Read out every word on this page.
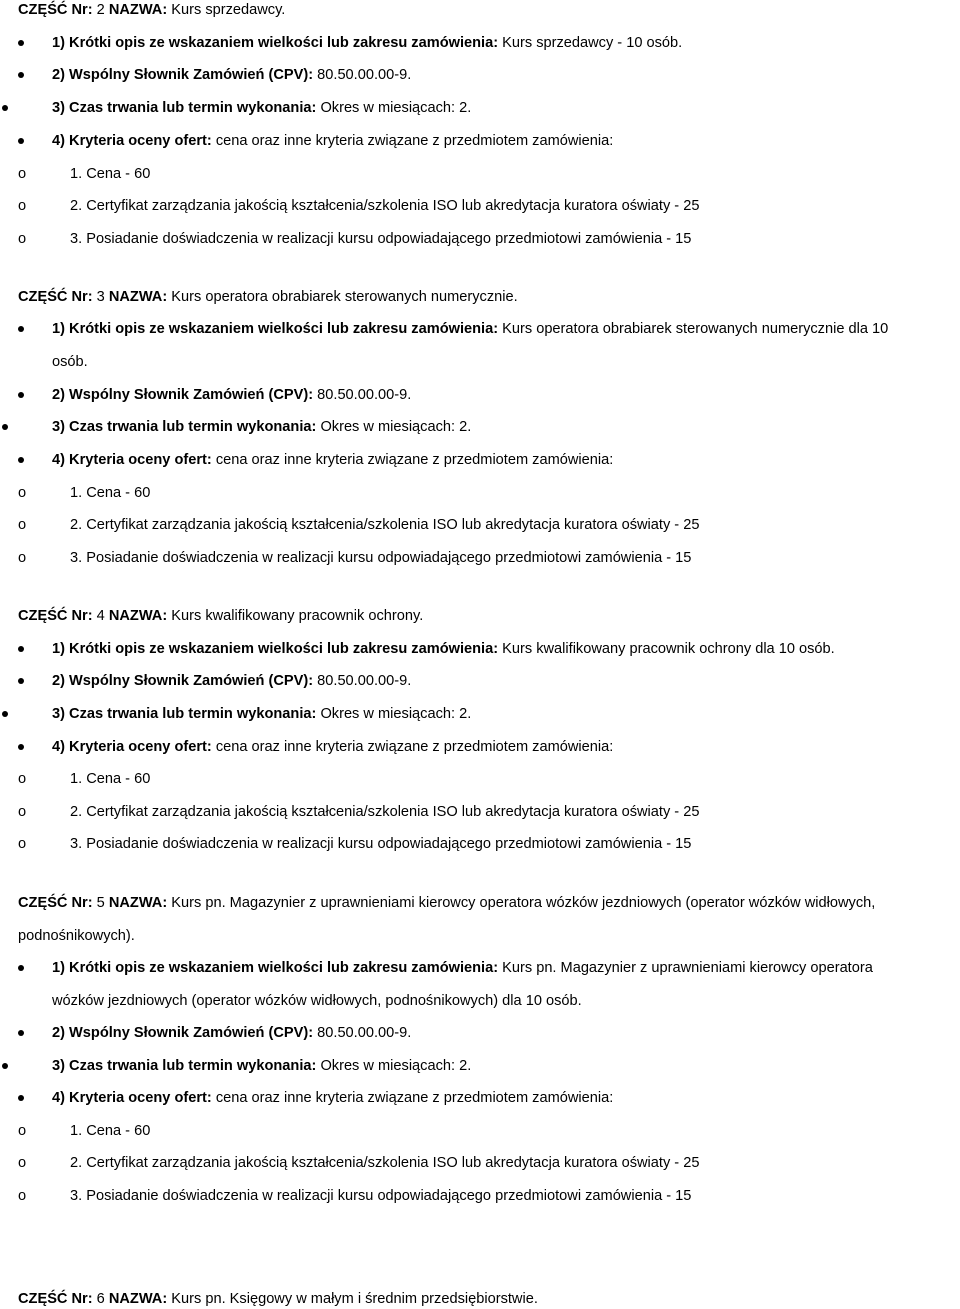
CZĘŚĆ Nr: 2 NAZWA: Kurs sprzedawcy.
1) Krótki opis ze wskazaniem wielkości lub zakresu zamówienia: Kurs sprzedawcy - 10 osób.
2) Wspólny Słownik Zamówień (CPV): 80.50.00.00-9.
3) Czas trwania lub termin wykonania: Okres w miesiącach: 2.
4) Kryteria oceny ofert: cena oraz inne kryteria związane z przedmiotem zamówienia:
o	1. Cena - 60
o	2. Certyfikat zarządzania jakością kształcenia/szkolenia ISO lub akredytacja kuratora oświaty - 25
o	3. Posiadanie doświadczenia w realizacji kursu odpowiadającego przedmiotowi zamówienia - 15
CZĘŚĆ Nr: 3 NAZWA: Kurs operatora obrabiarek sterowanych numerycznie.
1) Krótki opis ze wskazaniem wielkości lub zakresu zamówienia: Kurs operatora obrabiarek sterowanych numerycznie dla 10
osób.
2) Wspólny Słownik Zamówień (CPV): 80.50.00.00-9.
3) Czas trwania lub termin wykonania: Okres w miesiącach: 2.
4) Kryteria oceny ofert: cena oraz inne kryteria związane z przedmiotem zamówienia:
o	1. Cena - 60
o	2. Certyfikat zarządzania jakością kształcenia/szkolenia ISO lub akredytacja kuratora oświaty - 25
o	3. Posiadanie doświadczenia w realizacji kursu odpowiadającego przedmiotowi zamówienia - 15
CZĘŚĆ Nr: 4 NAZWA: Kurs kwalifikowany pracownik ochrony.
1) Krótki opis ze wskazaniem wielkości lub zakresu zamówienia: Kurs kwalifikowany pracownik ochrony dla 10 osób.
2) Wspólny Słownik Zamówień (CPV): 80.50.00.00-9.
3) Czas trwania lub termin wykonania: Okres w miesiącach: 2.
4) Kryteria oceny ofert: cena oraz inne kryteria związane z przedmiotem zamówienia:
o	1. Cena - 60
o	2. Certyfikat zarządzania jakością kształcenia/szkolenia ISO lub akredytacja kuratora oświaty - 25
o	3. Posiadanie doświadczenia w realizacji kursu odpowiadającego przedmiotowi zamówienia - 15
CZĘŚĆ Nr: 5 NAZWA: Kurs pn. Magazynier z uprawnieniami kierowcy operatora wózków jezdniowych (operator wózków widłowych,
podnośnikowych).
1) Krótki opis ze wskazaniem wielkości lub zakresu zamówienia: Kurs pn. Magazynier z uprawnieniami kierowcy operatora
wózków jezdniowych (operator wózków widłowych, podnośnikowych) dla 10 osób.
2) Wspólny Słownik Zamówień (CPV): 80.50.00.00-9.
3) Czas trwania lub termin wykonania: Okres w miesiącach: 2.
4) Kryteria oceny ofert: cena oraz inne kryteria związane z przedmiotem zamówienia:
o	1. Cena - 60
o	2. Certyfikat zarządzania jakością kształcenia/szkolenia ISO lub akredytacja kuratora oświaty - 25
o	3. Posiadanie doświadczenia w realizacji kursu odpowiadającego przedmiotowi zamówienia - 15
CZĘŚĆ Nr: 6 NAZWA: Kurs pn. Księgowy w małym i średnim przedsiębiorstwie.
